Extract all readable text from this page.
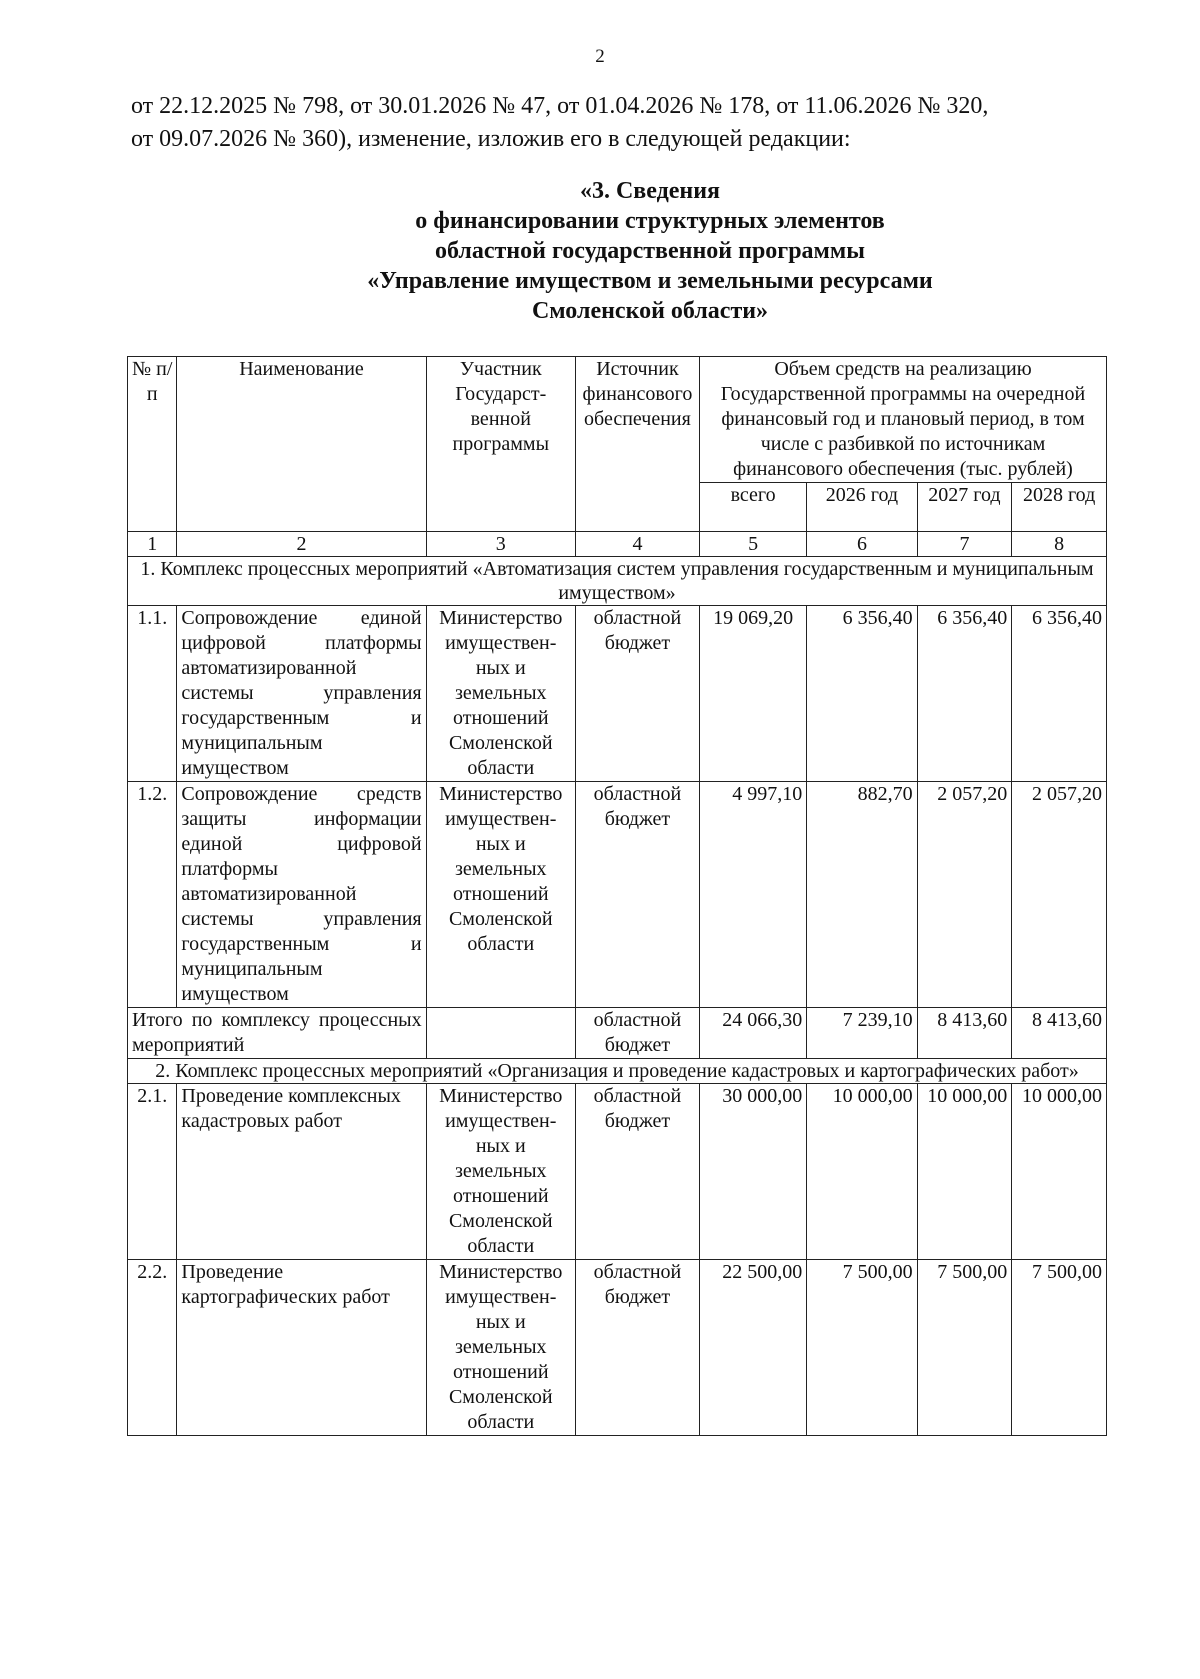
2
от 22.12.2025 № 798, от 30.01.2026 № 47, от 01.04.2026 № 178, от 11.06.2026 № 320,
от 09.07.2026 № 360), изменение, изложив его в следующей редакции:
«3. Сведения
о финансировании структурных элементов
областной государственной программы
«Управление имуществом и земельными ресурсами
Смоленской области»
№ п/п	Наименование	Участник Государст-венной программы	Источник финансового обеспечения	Объем средств на реализацию Государственной программы на очередной финансовый год и плановый период, в том числе с разбивкой по источникам финансового обеспечения (тыс. рублей)			
				всего	2026 год	2027 год	2028 год
1	2	3	4	5	6	7	8
1. Комплекс процессных мероприятий «Автоматизация систем управления государственным и муниципальным имуществом»							
1.1.	Сопровождение единой цифровой платформы автоматизированной системы управления государственным и муниципальным имуществом	Министерство имуществен-ных и земельных отношений Смоленской области	областной бюджет	19 069,20	6 356,40	6 356,40	6 356,40
1.2.	Сопровождение средств защиты информации единой цифровой платформы автоматизированной системы управления государственным и муниципальным имуществом	Министерство имуществен-ных и земельных отношений Смоленской области	областной бюджет	4 997,10	882,70	2 057,20	2 057,20
Итого по комплексу процессных мероприятий			областной бюджет	24 066,30	7 239,10	8 413,60	8 413,60
2. Комплекс процессных мероприятий «Организация и проведение кадастровых и картографических работ»							
2.1.	Проведение комплексных кадастровых работ	Министерство имуществен-ных и земельных отношений Смоленской области	областной бюджет	30 000,00	10 000,00	10 000,00	10 000,00
2.2.	Проведение картографических работ	Министерство имуществен-ных и земельных отношений Смоленской области	областной бюджет	22 500,00	7 500,00	7 500,00	7 500,00
